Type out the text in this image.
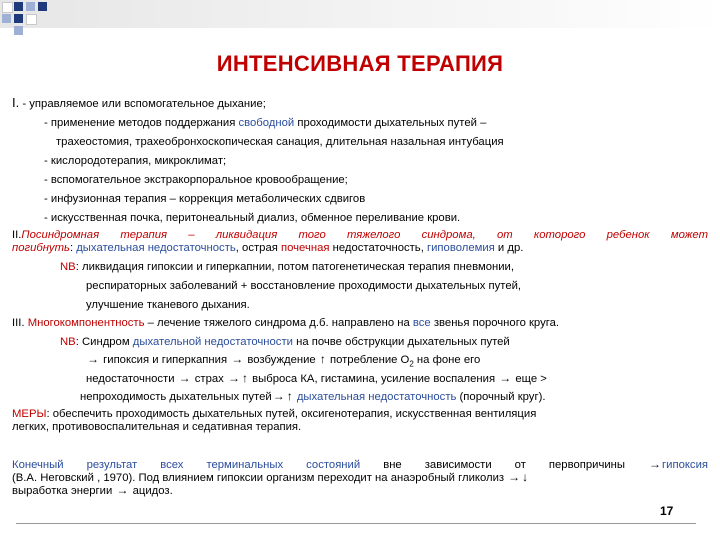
ИНТЕНСИВНАЯ ТЕРАПИЯ
I. - управляемое или вспомогательное дыхание;
- применение методов поддержания свободной проходимости дыхательных путей –
трахеостомия, трахеобронхоскопическая санация, длительная назальная интубация
- кислородотерапия, микроклимат;
- вспомогательное экстракорпоральное кровообращение;
- инфузионная терапия – коррекция метаболических сдвигов
- искусственная почка, перитонеальный диализ, обменное переливание крови.
II.Посиндромная терапия – ликвидация того тяжелого синдрома, от которого ребенок может
погибнуть: дыхательная недостаточность, острая почечная недостаточность, гиповолемия и др.
NB: ликвидация гипоксии и гиперкапнии, потом патогенетическая терапия пневмонии,
респираторных заболеваний + восстановление проходимости дыхательных путей,
улучшение тканевого дыхания.
III. Многокомпонентность – лечение тяжелого синдрома д.б. направлено на все звенья порочного круга.
NB: Синдром дыхательной недостаточности на почве обструкции дыхательных путей
→ гипоксия и гиперкапния → возбуждение ↑ потребление $О_2$ на фоне его
недостаточности → страх → ↑ выброса КА, гистамина, усиление воспаления → еще >
непроходимость дыхательных путей→ ↑ дыхательная недостаточность (порочный круг).
МЕРЫ: обеспечить проходимость дыхательных путей, оксигенотерапия, искусственная вентиляция
легких, противовоспалительная и седативная терапия.
Конечный результат всех терминальных состояний вне зависимости от первопричины →гипоксия
(В.А. Неговский , 1970). Под влиянием гипоксии организм переходит на анаэробный гликолиз → ↓
выработка энергии → ацидоз.
17
